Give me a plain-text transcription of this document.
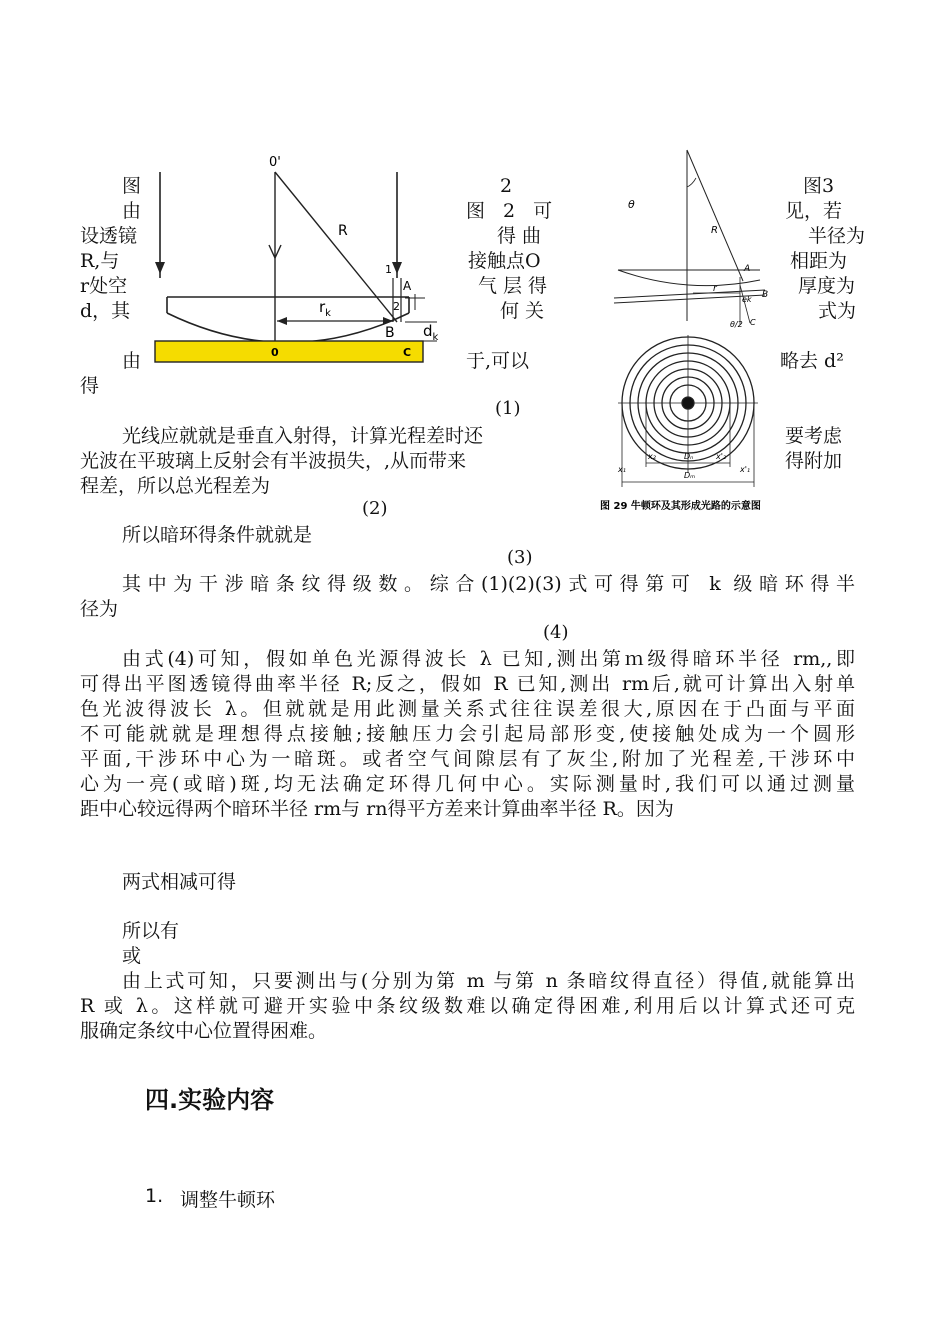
0'
R
1
A
B
2
$r_k$
$d_k$
0	C
θ
R
A
B
r
ek
θ/2 C
x₁
x₂	Dₙ
Dₘ
x'₂
x'₁
图 29 牛顿环及其形成光路的示意图
图	2	图3
由	图 2 可	见，若
设透镜	得曲	半径为
R,与	接触点O	相距为
r处空	气层得	厚度为
d，其	何关	式为
由	于,可以	略去 d²
得
(1)
光线应就就是垂直入射得，计算光程差时还	要考虑
光波在平玻璃上反射会有半波损失，,从而带来	得附加
程差，所以总光程差为
(2)
所以暗环得条件就就是
(3)
其中为干涉暗条纹得级数。综合(1)(2)(3)式可得第可 k 级暗环得半
径为
(4)
由式(4)可知，假如单色光源得波长 λ 已知,测出第ｍ级得暗环半径 rm,,即
可得出平图透镜得曲率半径 R;反之，假如 R 已知,测出 rm后,就可计算出入射单
色光波得波长 λ。但就就是用此测量关系式往往误差很大,原因在于凸面与平面
不可能就就是理想得点接触;接触压力会引起局部形变,使接触处成为一个圆形
平面,干涉环中心为一暗斑。或者空气间隙层有了灰尘,附加了光程差,干涉环中
心为一亮(或暗)斑,均无法确定环得几何中心。实际测量时,我们可以通过测量
距中心较远得两个暗环半径 rm与 rn得平方差来计算曲率半径 R。因为
两式相减可得
所以有
或
由上式可知，只要测出与(分别为第 m 与第 n 条暗纹得直径）得值,就能算出
R 或 λ。这样就可避开实验中条纹级数难以确定得困难,利用后以计算式还可克
服确定条纹中心位置得困难。
四.实验内容
1. 调整牛顿环
